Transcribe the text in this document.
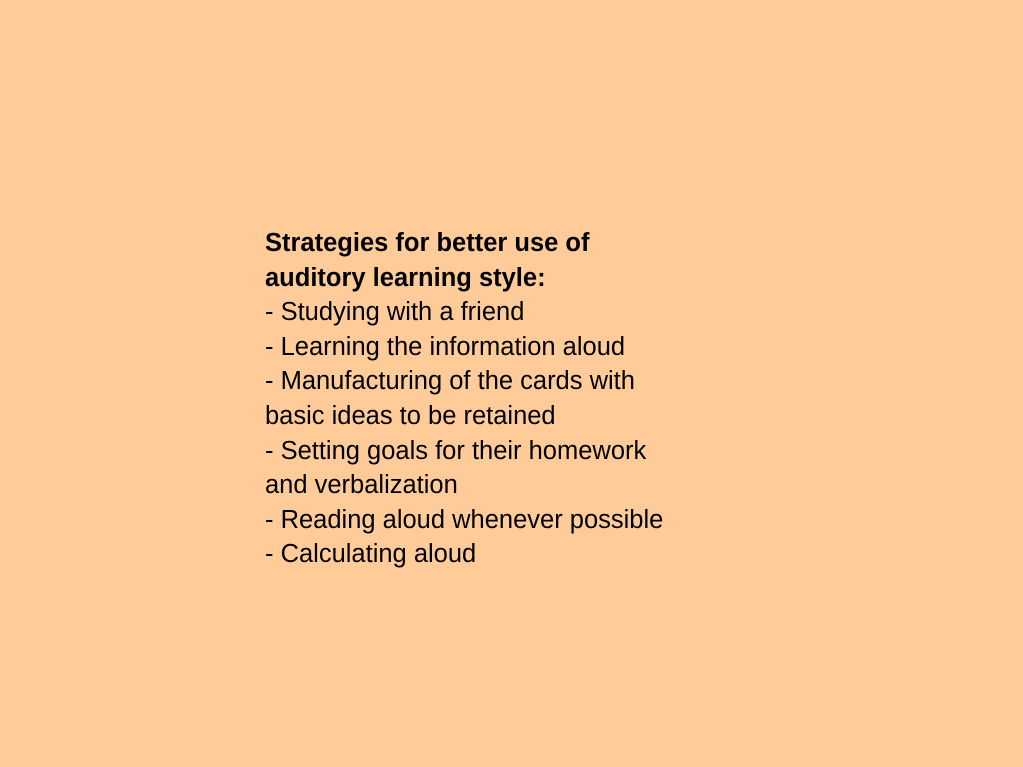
Strategies for better use of
auditory learning style:
- Studying with a friend
- Learning the information aloud
- Manufacturing of the cards with
basic ideas to be retained
- Setting goals for their homework
and verbalization
- Reading aloud whenever possible
- Calculating aloud
